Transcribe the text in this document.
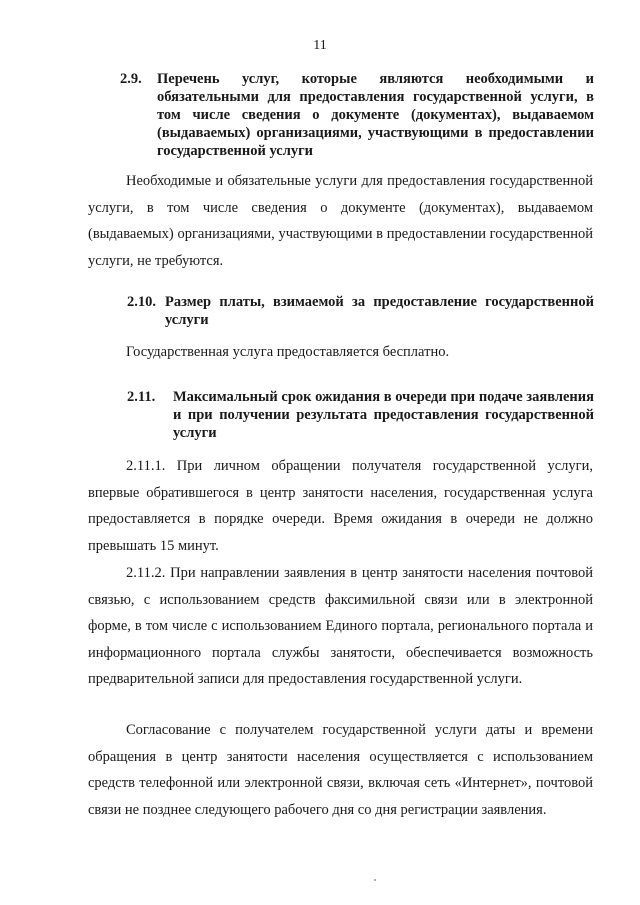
11
2.9.	Перечень услуг, которые являются необходимыми и обязательными для предоставления государственной услуги, в том числе сведения о документе (документах), выдаваемом (выдаваемых) организациями, участвующими в предоставлении государственной услуги
Необходимые и обязательные услуги для предоставления государственной услуги, в том числе сведения о документе (документах), выдаваемом (выдаваемых) организациями, участвующими в предоставлении государственной услуги, не требуются.
2.10. Размер платы, взимаемой за предоставление государственной услуги
Государственная услуга предоставляется бесплатно.
2.11.	Максимальный срок ожидания в очереди при подаче заявления и при получении результата предоставления государственной услуги
2.11.1. При личном обращении получателя государственной услуги, впервые обратившегося в центр занятости населения, государственная услуга предоставляется в порядке очереди. Время ожидания в очереди не должно превышать 15 минут.
2.11.2. При направлении заявления в центр занятости населения почтовой связью, с использованием средств факсимильной связи или в электронной форме, в том числе с использованием Единого портала, регионального портала и информационного портала службы занятости, обеспечивается возможность предварительной записи для предоставления государственной услуги.
Согласование с получателем государственной услуги даты и времени обращения в центр занятости населения осуществляется с использованием средств телефонной или электронной связи, включая сеть «Интернет», почтовой связи не позднее следующего рабочего дня со дня регистрации заявления.
